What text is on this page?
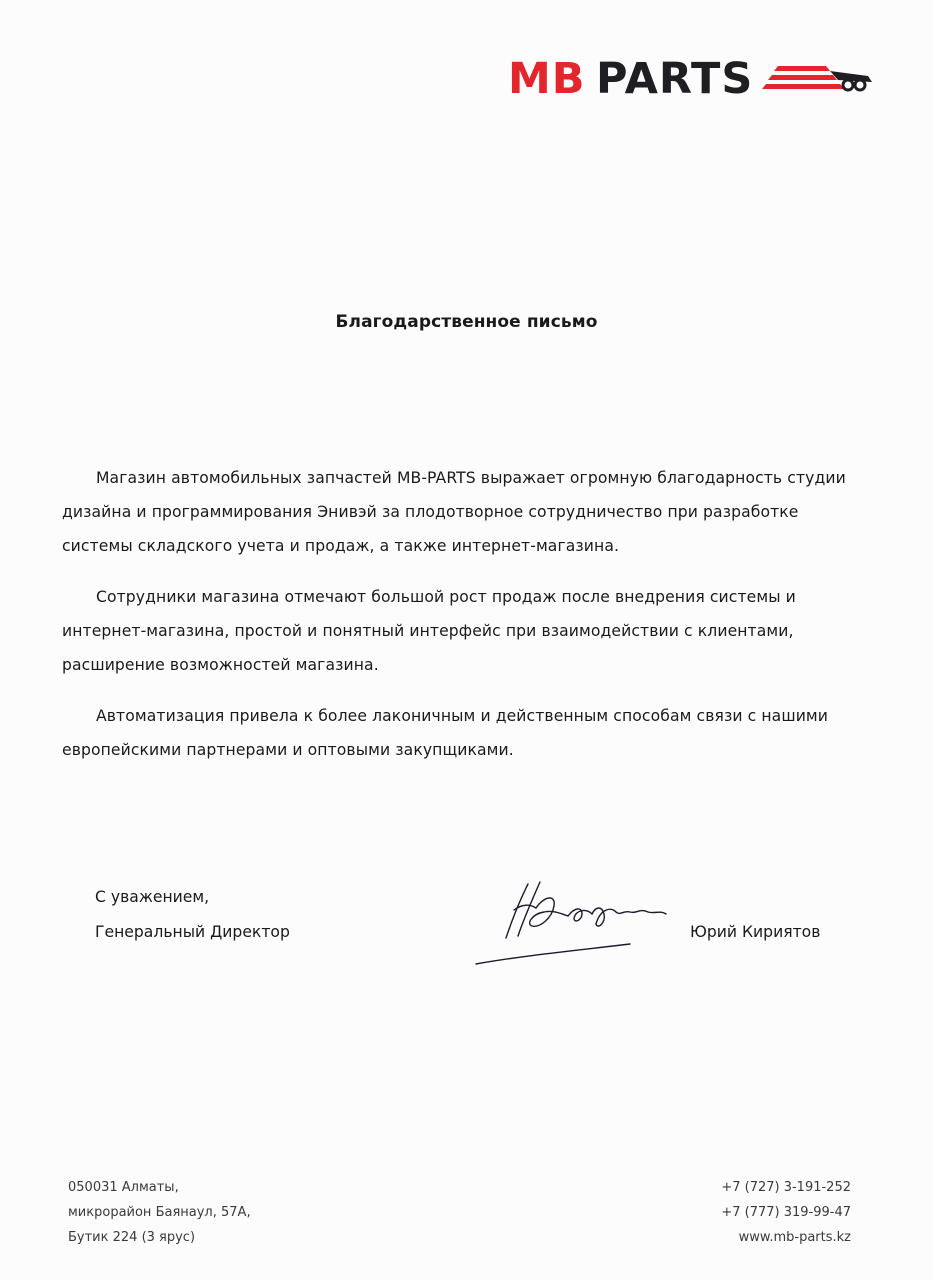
MB PARTS
Благодарственное письмо

Магазин автомобильных запчастей MB-PARTS выражает огромную благодарность студии дизайна и программирования Энивэй за плодотворное сотрудничество при разработке системы складского учета и продаж, а также интернет-магазина.

Сотрудники магазина отмечают большой рост продаж после внедрения системы и интернет-магазина, простой и понятный интерфейс при взаимодействии с клиентами, расширение возможностей магазина.

Автоматизация привела к более лаконичным и действенным способам связи с нашими европейскими партнерами и оптовыми закупщиками.

С уважением,
Генеральный Директор	Юрий Кириятов
050031 Алматы,
микрорайон Баянаул, 57А,
Бутик 224 (3 ярус)
+7 (727) 3-191-252
+7 (777) 319-99-47
www.mb-parts.kz
